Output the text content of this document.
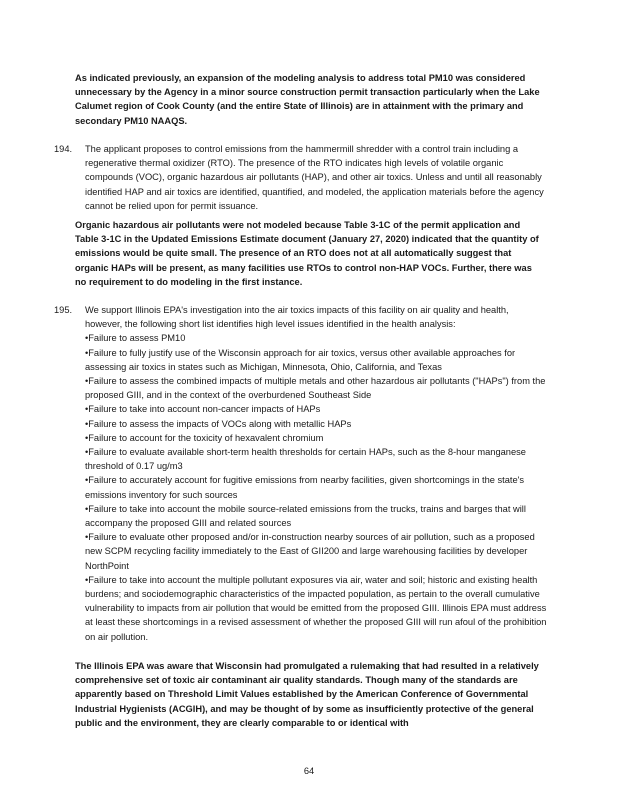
As indicated previously, an expansion of the modeling analysis to address total PM10 was considered unnecessary by the Agency in a minor source construction permit transaction particularly when the Lake Calumet region of Cook County (and the entire State of Illinois) are in attainment with the primary and secondary PM10 NAAQS.

194. The applicant proposes to control emissions from the hammermill shredder with a control train including a regenerative thermal oxidizer (RTO). The presence of the RTO indicates high levels of volatile organic compounds (VOC), organic hazardous air pollutants (HAP), and other air toxics. Unless and until all reasonably identified HAP and air toxics are identified, quantified, and modeled, the application materials before the agency cannot be relied upon for permit issuance.

Organic hazardous air pollutants were not modeled because Table 3-1C of the permit application and Table 3-1C in the Updated Emissions Estimate document (January 27, 2020) indicated that the quantity of emissions would be quite small. The presence of an RTO does not at all automatically suggest that organic HAPs will be present, as many facilities use RTOs to control non-HAP VOCs. Further, there was no requirement to do modeling in the first instance.

195. We support Illinois EPA's investigation into the air toxics impacts of this facility on air quality and health, however, the following short list identifies high level issues identified in the health analysis:
•Failure to assess PM10
•Failure to fully justify use of the Wisconsin approach for air toxics, versus other available approaches for assessing air toxics in states such as Michigan, Minnesota, Ohio, California, and Texas
•Failure to assess the combined impacts of multiple metals and other hazardous air pollutants ("HAPs") from the proposed GIII, and in the context of the overburdened Southeast Side
•Failure to take into account non-cancer impacts of HAPs
•Failure to assess the impacts of VOCs along with metallic HAPs
•Failure to account for the toxicity of hexavalent chromium
•Failure to evaluate available short-term health thresholds for certain HAPs, such as the 8-hour manganese threshold of 0.17 ug/m3
•Failure to accurately account for fugitive emissions from nearby facilities, given shortcomings in the state's emissions inventory for such sources
•Failure to take into account the mobile source-related emissions from the trucks, trains and barges that will accompany the proposed GIII and related sources
•Failure to evaluate other proposed and/or in-construction nearby sources of air pollution, such as a proposed new SCPM recycling facility immediately to the East of GII200 and large warehousing facilities by developer NorthPoint
•Failure to take into account the multiple pollutant exposures via air, water and soil; historic and existing health burdens; and sociodemographic characteristics of the impacted population, as pertain to the overall cumulative vulnerability to impacts from air pollution that would be emitted from the proposed GIII. Illinois EPA must address at least these shortcomings in a revised assessment of whether the proposed GIII will run afoul of the prohibition on air pollution.

The Illinois EPA was aware that Wisconsin had promulgated a rulemaking that had resulted in a relatively comprehensive set of toxic air contaminant air quality standards. Though many of the standards are apparently based on Threshold Limit Values established by the American Conference of Governmental Industrial Hygienists (ACGIH), and may be thought of by some as insufficiently protective of the general public and the environment, they are clearly comparable to or identical with

64
